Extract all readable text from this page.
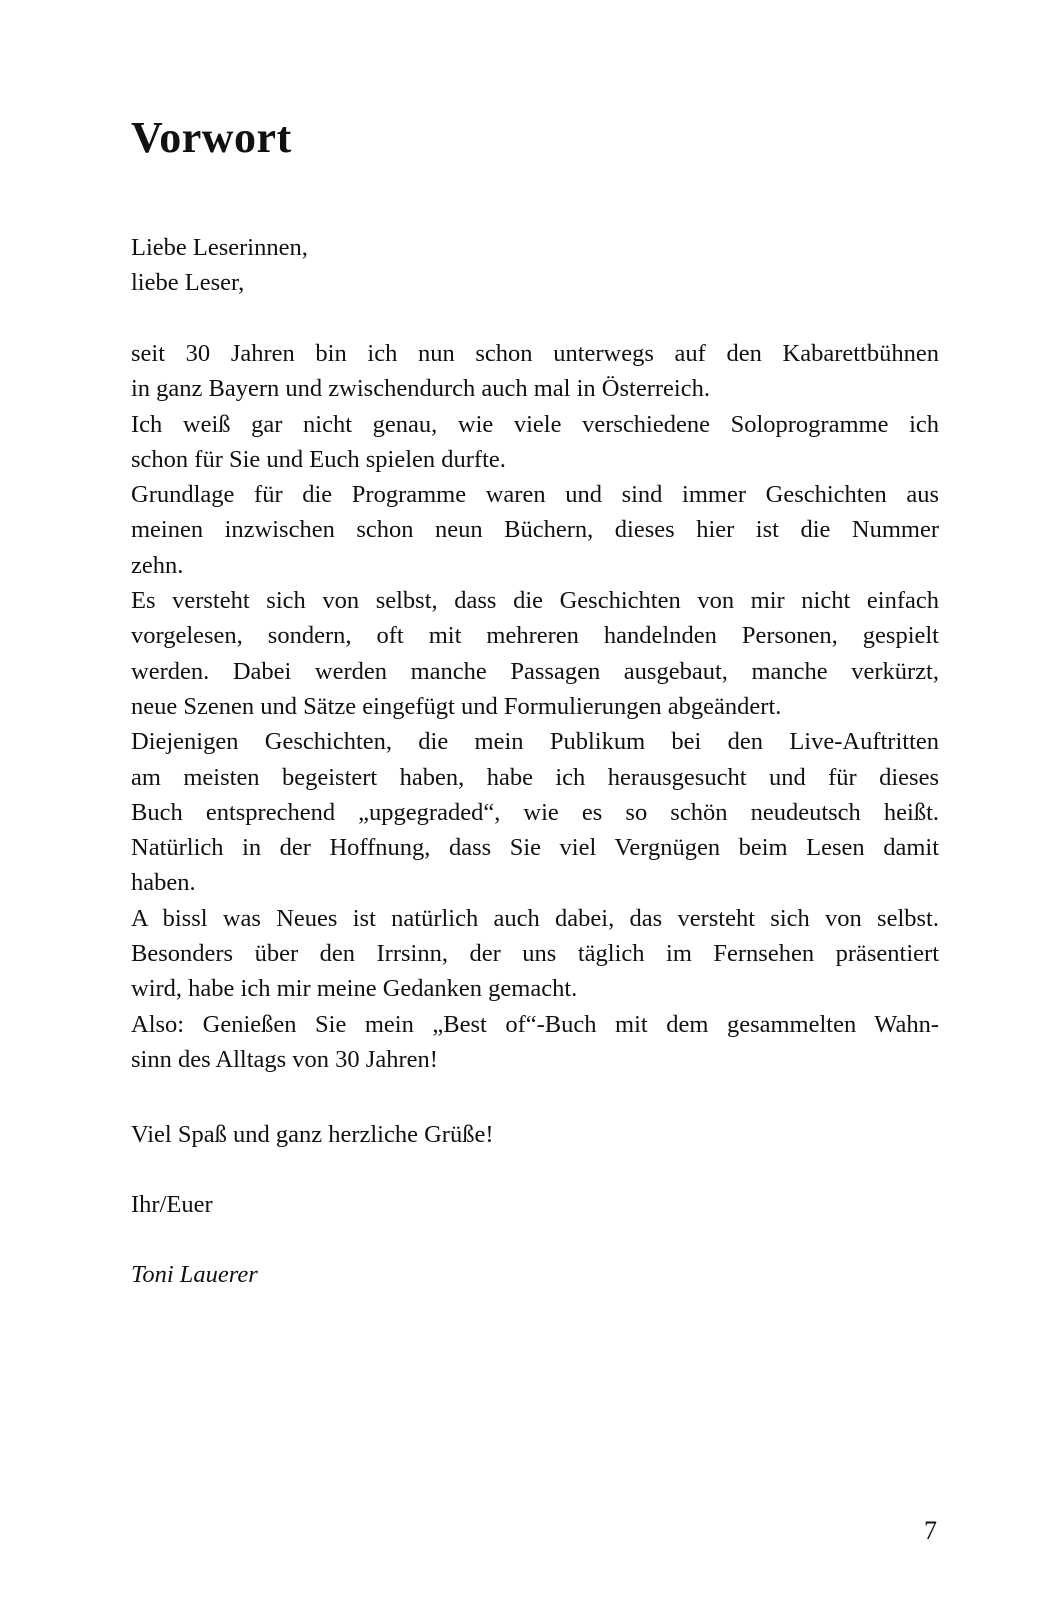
Vorwort
Liebe Leserinnen,
liebe Leser,
seit 30 Jahren bin ich nun schon unterwegs auf den Kabarettbühnen
in ganz Bayern und zwischendurch auch mal in Österreich.
Ich weiß gar nicht genau, wie viele verschiedene Soloprogramme ich
schon für Sie und Euch spielen durfte.
Grundlage für die Programme waren und sind immer Geschichten aus
meinen inzwischen schon neun Büchern, dieses hier ist die Nummer
zehn.
Es versteht sich von selbst, dass die Geschichten von mir nicht einfach
vorgelesen, sondern, oft mit mehreren handelnden Personen, gespielt
werden. Dabei werden manche Passagen ausgebaut, manche verkürzt,
neue Szenen und Sätze eingefügt und Formulierungen abgeändert.
Diejenigen Geschichten, die mein Publikum bei den Live-Auftritten
am meisten begeistert haben, habe ich herausgesucht und für dieses
Buch entsprechend „upgegraded“, wie es so schön neudeutsch heißt.
Natürlich in der Hoffnung, dass Sie viel Vergnügen beim Lesen damit
haben.
A bissl was Neues ist natürlich auch dabei, das versteht sich von selbst.
Besonders über den Irrsinn, der uns täglich im Fernsehen präsentiert
wird, habe ich mir meine Gedanken gemacht.
Also: Genießen Sie mein „Best of“-Buch mit dem gesammelten Wahn-
sinn des Alltags von 30 Jahren!
Viel Spaß und ganz herzliche Grüße!
Ihr/Euer
Toni Lauerer
7
